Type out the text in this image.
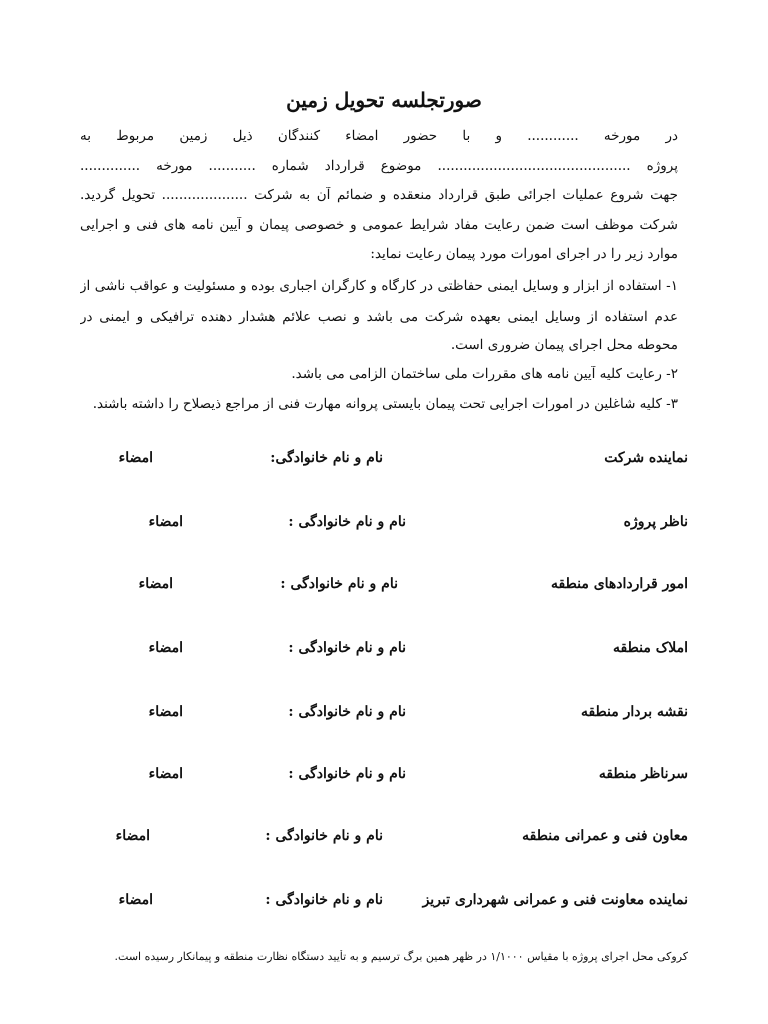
صورتجلسه تحویل زمین
در مورخه ............ و با حضور امضاء کنندگان ذیل زمین مربوط به
پروژه ............................................. موضوع قرارداد شماره ........... مورخه ..............
جهت شروع عملیات اجرائی طبق قرارداد منعقده و ضمائم آن به شرکت .................... تحویل گردید.
شرکت موظف است ضمن رعایت مفاد شرایط عمومی و خصوصی پیمان و آیین نامه های فنی و اجرایی
موارد زیر را در اجرای امورات مورد پیمان رعایت نماید:
۱- استفاده از ابزار و وسایل ایمنی حفاظتی در کارگاه و کارگران اجباری بوده و مسئولیت و عواقب ناشی از
عدم استفاده از وسایل ایمنی بعهده شرکت می باشد و نصب علائم هشدار دهنده ترافیکی و ایمنی در
محوطه محل اجرای پیمان ضروری است.
۲- رعایت کلیه آیین نامه های مقررات ملی ساختمان الزامی می باشد.
۳- کلیه شاغلین در امورات اجرایی تحت پیمان بایستی پروانه مهارت فنی از مراجع ذیصلاح را داشته باشند.
نماینده شرکت
نام و نام خانوادگی:
امضاء
ناظر پروژه
نام و نام خانوادگی :
امضاء
امور قراردادهای منطقه
نام و نام خانوادگی :
امضاء
املاک منطقه
نام و نام خانوادگی :
امضاء
نقشه بردار منطقه
نام و نام خانوادگی :
امضاء
سرناظر منطقه
نام و نام خانوادگی :
امضاء
معاون فنی و عمرانی منطقه
نام و نام خانوادگی :
امضاء
نماینده معاونت فنی و عمرانی شهرداری تبریز
نام و نام خانوادگی :
امضاء
کروکی محل اجرای پروژه با مقیاس ۱/۱۰۰۰ در ظهر همین برگ ترسیم و به تأیید دستگاه نظارت منطقه و پیمانکار رسیده است.
